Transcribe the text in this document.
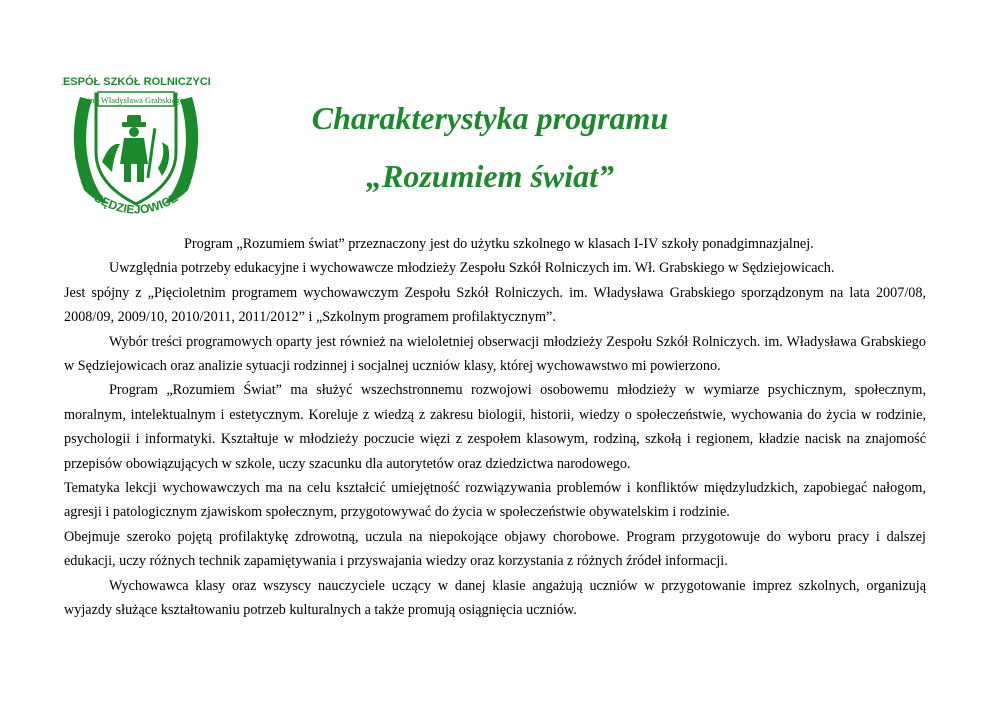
ZESPÓŁ SZKÓŁ ROLNICZYCH
im. Władysława Grabskiego
SĘDZIEJOWICE
Charakterystyka programu
„Rozumiem świat”

Program „Rozumiem świat” przeznaczony jest do użytku szkolnego w klasach I-IV szkoły ponadgimnazjalnej.

Uwzględnia potrzeby edukacyjne i wychowawcze młodzieży Zespołu Szkół Rolniczych im. Wł. Grabskiego w Sędziejowicach.

Jest spójny z „Pięcioletnim programem wychowawczym Zespołu Szkół Rolniczych. im. Władysława Grabskiego sporządzonym na lata 2007/08, 2008/09, 2009/10, 2010/2011, 2011/2012” i „Szkolnym programem profilaktycznym”.

Wybór treści programowych oparty jest również na wieloletniej obserwacji młodzieży Zespołu Szkół Rolniczych. im. Władysława Grabskiego w Sędziejowicach oraz analizie sytuacji rodzinnej i socjalnej uczniów klasy, której wychowawstwo mi powierzono.

Program „Rozumiem Świat” ma służyć wszechstronnemu rozwojowi osobowemu młodzieży w wymiarze psychicznym, społecznym, moralnym, intelektualnym i estetycznym. Koreluje z wiedzą z zakresu biologii, historii, wiedzy o społeczeństwie, wychowania do życia w rodzinie, psychologii i informatyki. Kształtuje w młodzieży poczucie więzi z zespołem klasowym, rodziną, szkołą i regionem, kładzie nacisk na znajomość przepisów obowiązujących w szkole, uczy szacunku dla autorytetów oraz dziedzictwa narodowego.

Tematyka lekcji wychowawczych ma na celu kształcić umiejętność rozwiązywania problemów i konfliktów międzyludzkich, zapobiegać nałogom, agresji i patologicznym zjawiskom społecznym, przygotowywać do życia w społeczeństwie obywatelskim i rodzinie.

Obejmuje szeroko pojętą profilaktykę zdrowotną, uczula na niepokojące objawy chorobowe. Program przygotowuje do wyboru pracy i dalszej edukacji, uczy różnych technik zapamiętywania i przyswajania wiedzy oraz korzystania z różnych źródeł informacji.

Wychowawca klasy oraz wszyscy nauczyciele uczący w danej klasie angażują uczniów w przygotowanie imprez szkolnych, organizują wyjazdy służące kształtowaniu potrzeb kulturalnych a także promują osiągnięcia uczniów.
